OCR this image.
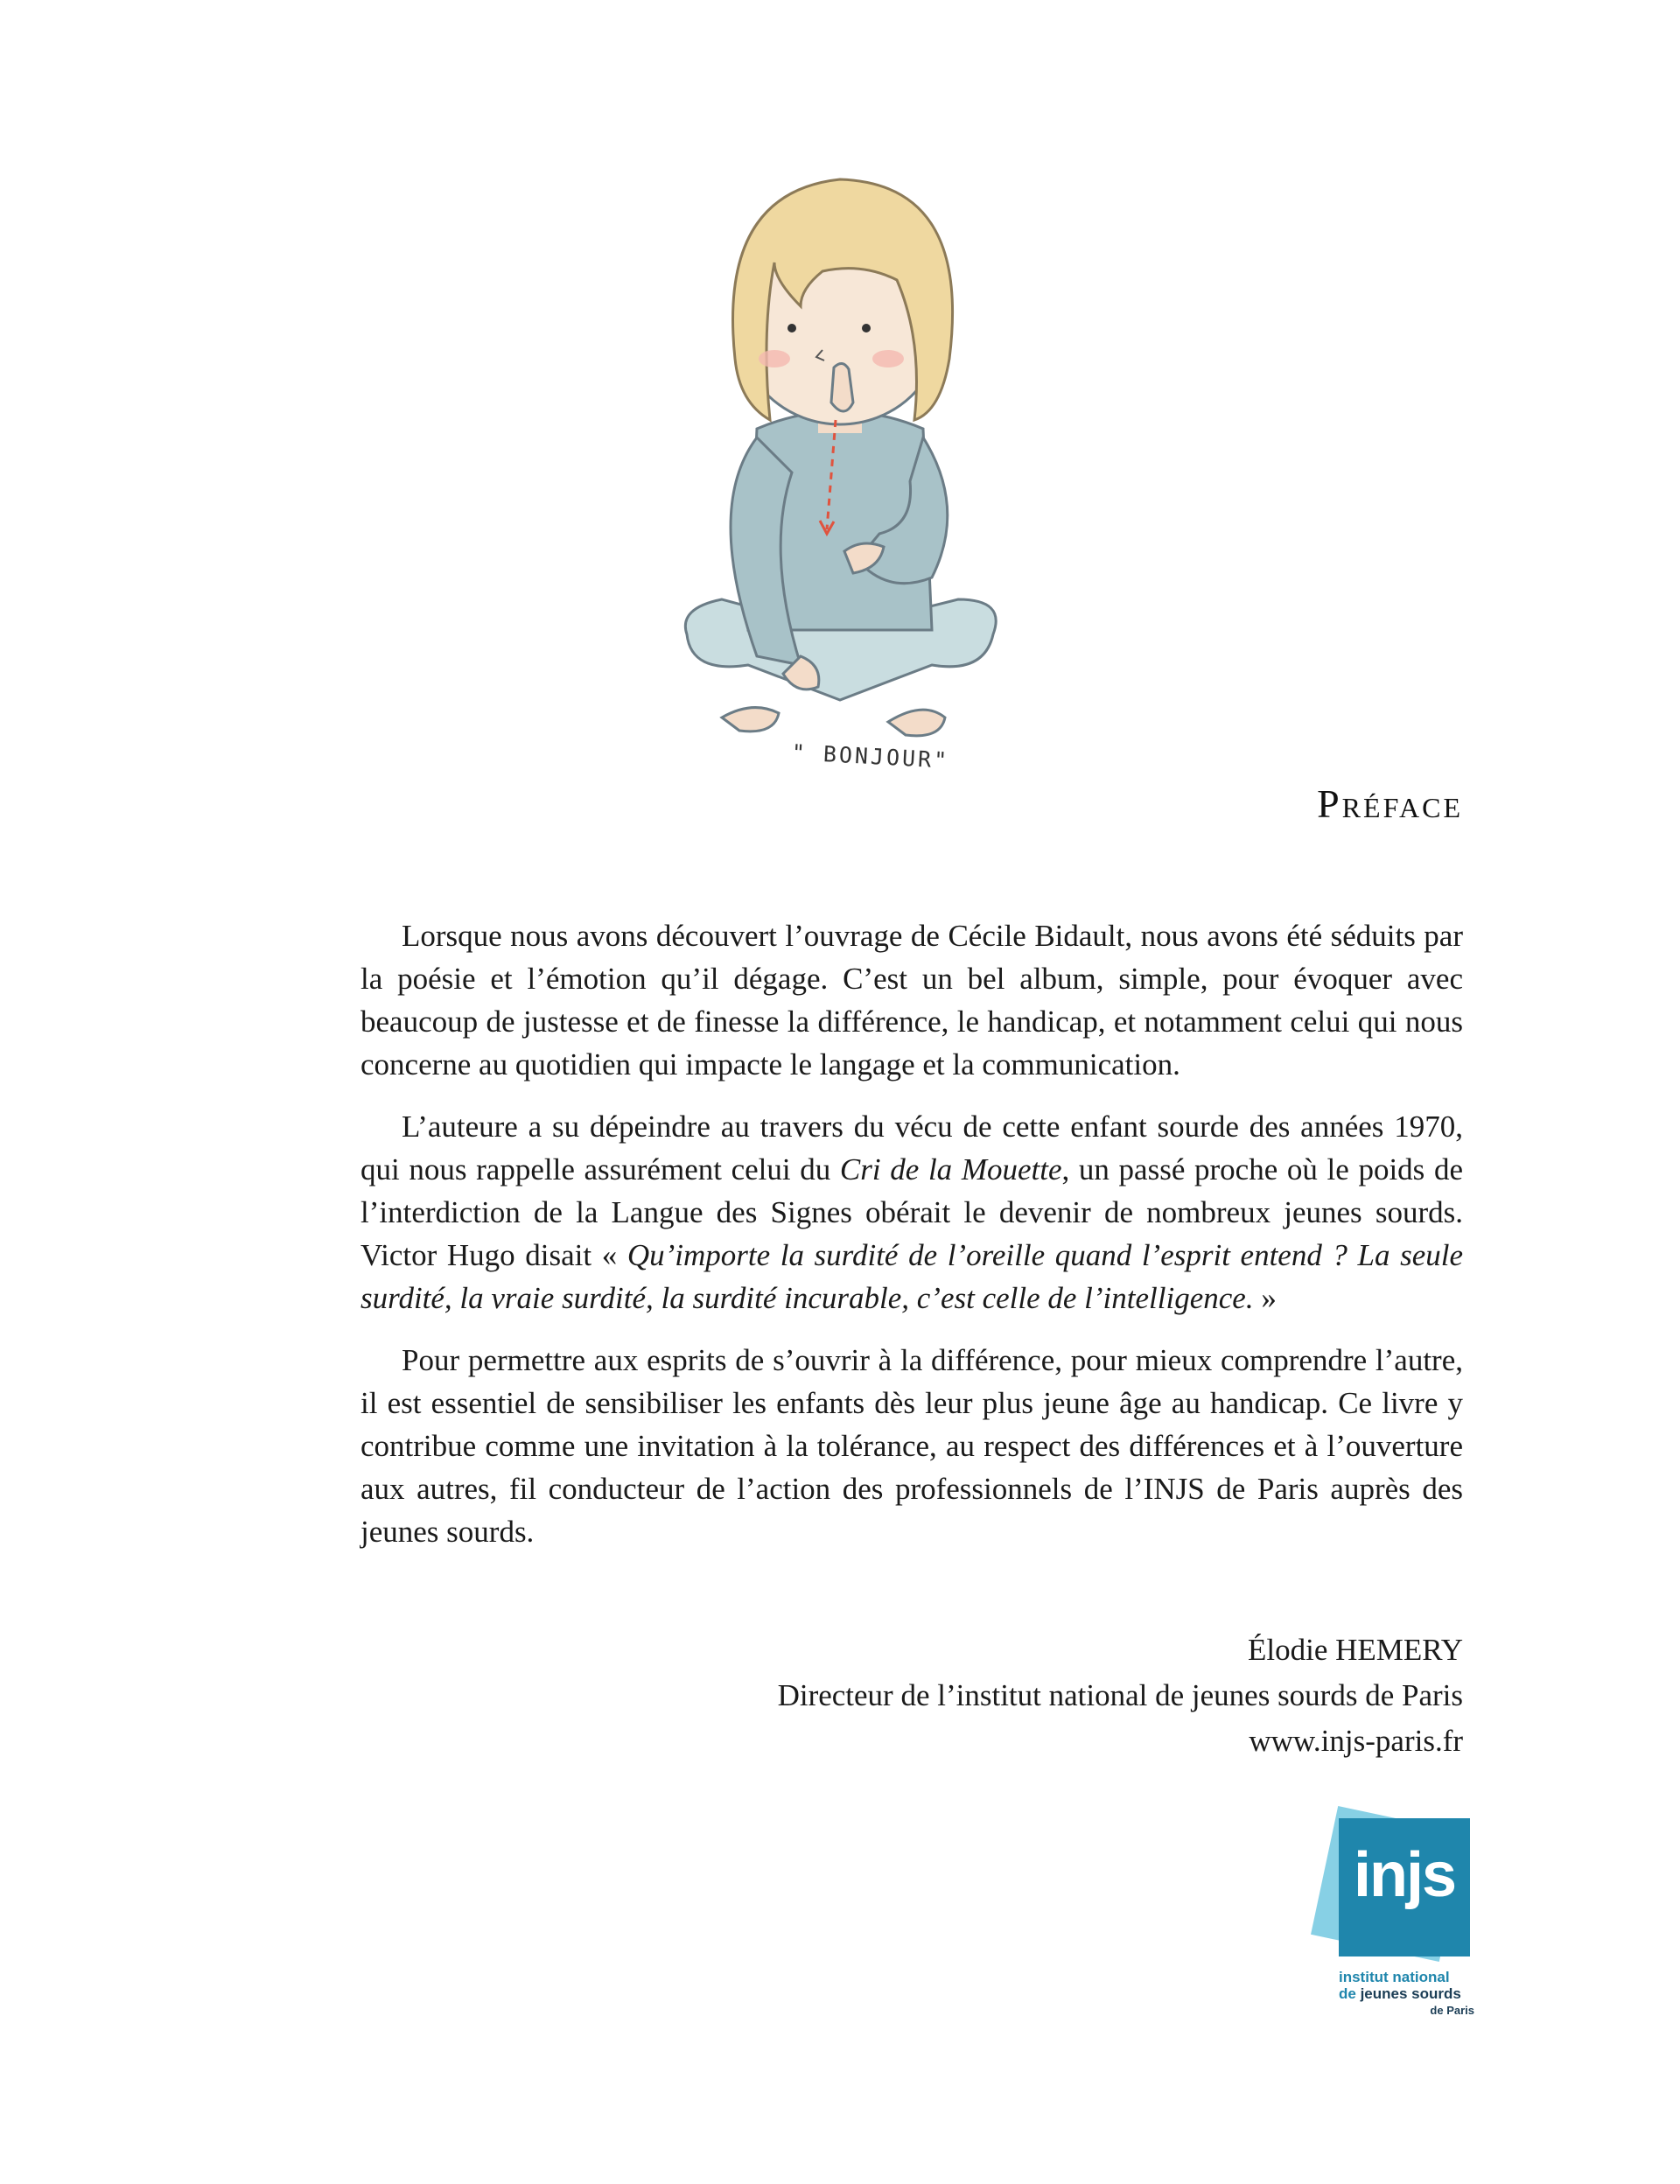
" BONJOUR"
Préface

Lorsque nous avons découvert l’ouvrage de Cécile Bidault, nous avons été séduits par la poésie et l’émotion qu’il dégage. C’est un bel album, simple, pour évoquer avec beaucoup de justesse et de finesse la différence, le handicap, et notamment celui qui nous concerne au quotidien qui impacte le langage et la communication.

L’auteure a su dépeindre au travers du vécu de cette enfant sourde des années 1970, qui nous rappelle assurément celui du Cri de la Mouette, un passé proche où le poids de l’interdiction de la Langue des Signes obérait le devenir de nombreux jeunes sourds. Victor Hugo disait « Qu’importe la surdité de l’oreille quand l’esprit entend ? La seule surdité, la vraie surdité, la surdité incurable, c’est celle de l’intelligence. »

Pour permettre aux esprits de s’ouvrir à la différence, pour mieux comprendre l’autre, il est essentiel de sensibiliser les enfants dès leur plus jeune âge au handicap. Ce livre y contribue comme une invitation à la tolérance, au respect des différences et à l’ouverture aux autres, fil conducteur de l’action des professionnels de l’INJS de Paris auprès des jeunes sourds.

Élodie HEMERY
Directeur de l’institut national de jeunes sourds de Paris
www.injs-paris.fr
injs
institut national
de jeunes sourds
de Paris
